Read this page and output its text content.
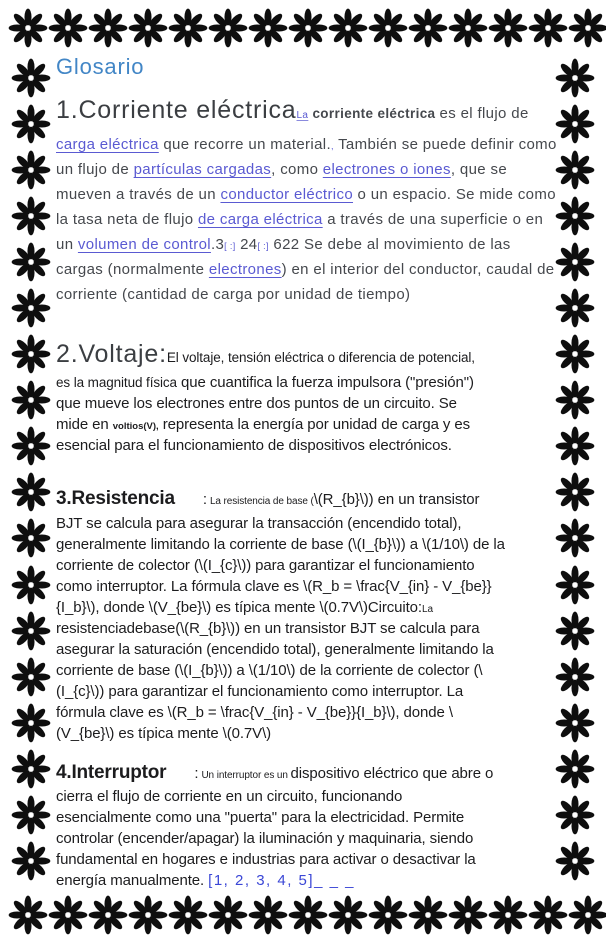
Glosario

1.Corriente eléctricaLa corriente eléctrica es el flujo de carga eléctrica que recorre un material., También se puede definir como un flujo de partículas cargadas, como electrones o iones, que se mueven a través de un conductor eléctrico o un espacio. Se mide como la tasa neta de flujo de carga eléctrica a través de una superficie o en un volumen de control.3[ :] 24[ :] 622 Se debe al movimiento de las cargas (normalmente electrones) en el interior del conductor, caudal de corriente (cantidad de carga por unidad de tiempo)

2.Voltaje:El voltaje, tensión eléctrica o diferencia de potencial, es la magnitud física que cuantifica la fuerza impulsora ("presión") que mueve los electrones entre dos puntos de un circuito. Se mide en voltios(V), representa la energía por unidad de carga y es esencial para el funcionamiento de dispositivos electrónicos.

3.Resistencia : La resistencia de base (\(R_{b}\)) en un transistor BJT se calcula para asegurar la transacción (encendido total), generalmente limitando la corriente de base (\(I_{b}\)) a \(1/10\) de la corriente de colector (\(I_{c}\)) para garantizar el funcionamiento como interruptor. La fórmula clave es \(R_b = \frac{V_{in} - V_{be}}{I_b}\), donde \(V_{be}\) es típica mente \(0.7V\)Circuito:La resistenciadebase(\(R_{b}\)) en un transistor BJT se calcula para asegurar la saturación (encendido total), generalmente limitando la corriente de base (\(I_{b}\)) a \(1/10\) de la corriente de colector (\(I_{c}\)) para garantizar el funcionamiento como interruptor. La fórmula clave es \(R_b = \frac{V_{in} - V_{be}}{I_b}\), donde \(V_{be}\) es típica mente \(0.7V\)

4.Interruptor : Un interruptor es un dispositivo eléctrico que abre o cierra el flujo de corriente en un circuito, funcionando esencialmente como una "puerta" para la electricidad. Permite controlar (encender/apagar) la iluminación y maquinaria, siendo fundamental en hogares e industrias para activar o desactivar la energía manualmente. [1, 2, 3, 4, 5]_ _ _
